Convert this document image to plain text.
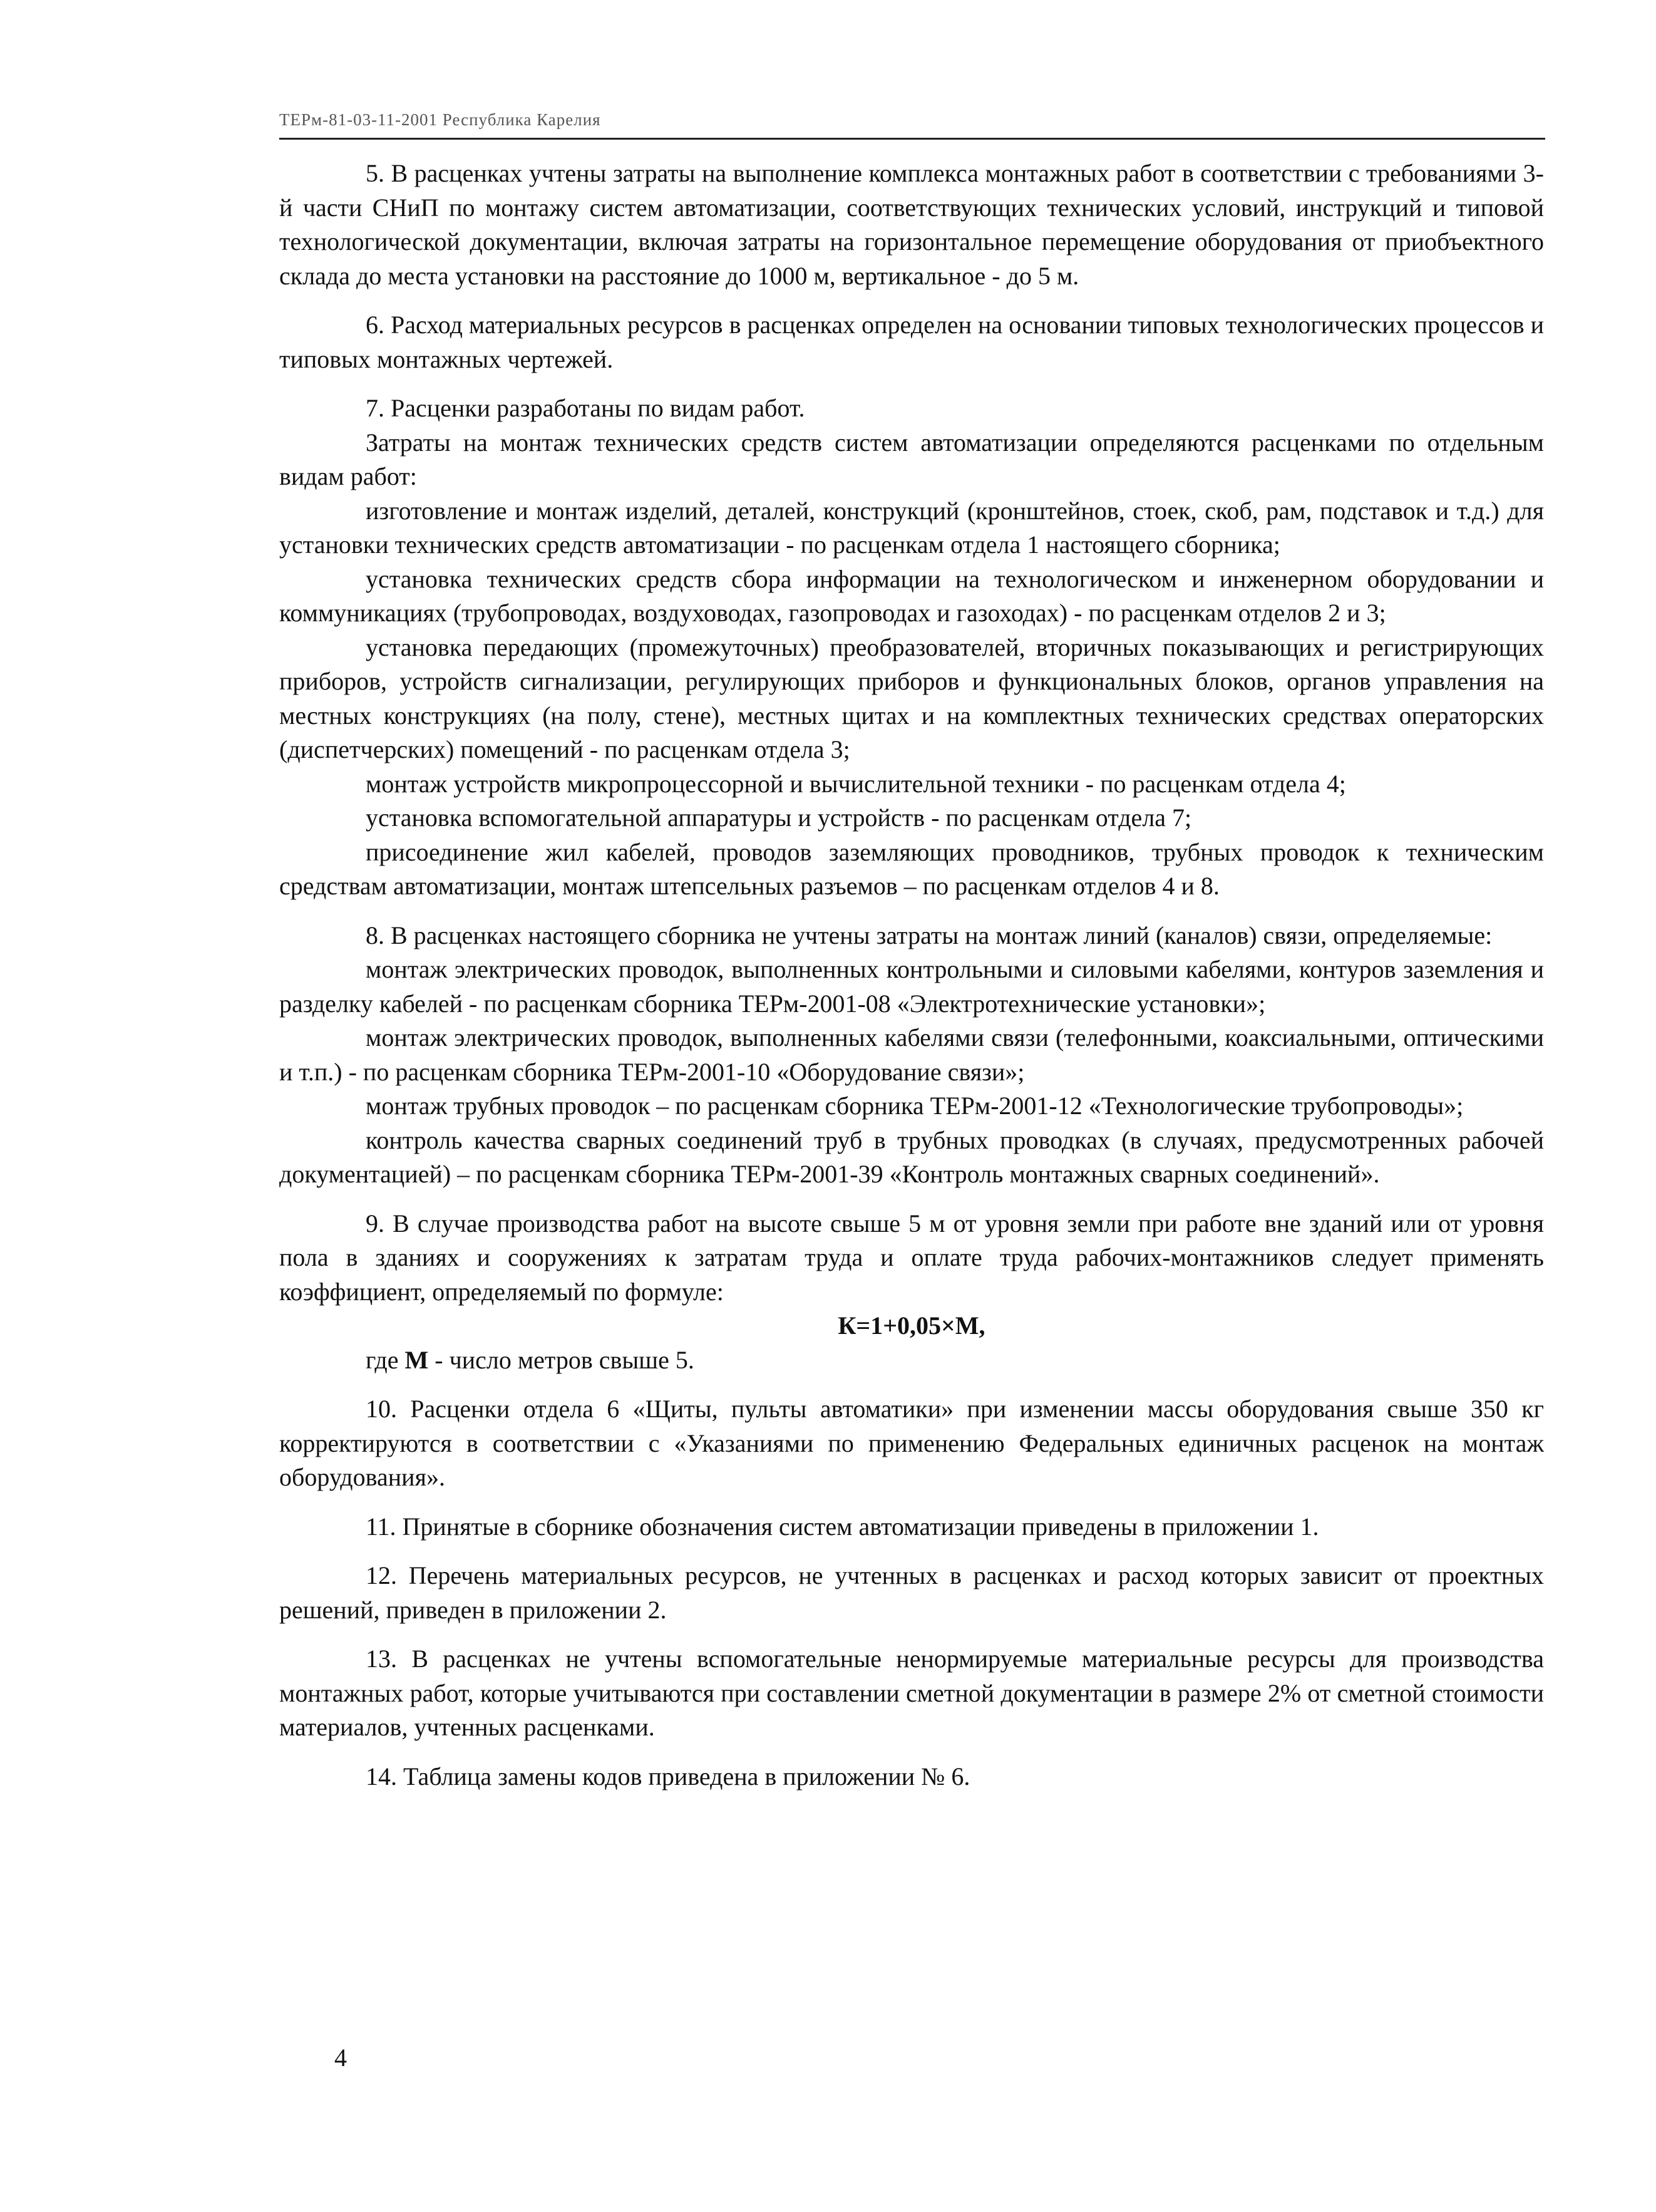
ТЕРм-81-03-11-2001 Республика Карелия

5. В расценках учтены затраты на выполнение комплекса монтажных работ в соответствии с требованиями 3-й части СНиП по монтажу систем автоматизации, соответствующих технических условий, инструкций и типовой технологической документации, включая затраты на горизонтальное перемещение оборудования от приобъектного склада до места установки на расстояние до 1000 м, вертикальное - до 5 м.

6. Расход материальных ресурсов в расценках определен на основании типовых технологических процессов и типовых монтажных чертежей.

7. Расценки разработаны по видам работ.

Затраты на монтаж технических средств систем автоматизации определяются расценками по отдельным видам работ:

изготовление и монтаж изделий, деталей, конструкций (кронштейнов, стоек, скоб, рам, подставок и т.д.) для установки технических средств автоматизации - по расценкам отдела 1 настоящего сборника;

установка технических средств сбора информации на технологическом и инженерном оборудовании и коммуникациях (трубопроводах, воздуховодах, газопроводах и газоходах) - по расценкам отделов 2 и 3;

установка передающих (промежуточных) преобразователей, вторичных показывающих и регистрирующих приборов, устройств сигнализации, регулирующих приборов и функциональных блоков, органов управления на местных конструкциях (на полу, стене), местных щитах и на комплектных технических средствах операторских (диспетчерских) помещений - по расценкам отдела 3;

монтаж устройств микропроцессорной и вычислительной техники - по расценкам отдела 4;

установка вспомогательной аппаратуры и устройств - по расценкам отдела 7;

присоединение жил кабелей, проводов заземляющих проводников, трубных проводок к техническим средствам автоматизации, монтаж штепсельных разъемов – по расценкам отделов 4 и 8.

8. В расценках настоящего сборника не учтены затраты на монтаж линий (каналов) связи, определяемые:

монтаж электрических проводок, выполненных контрольными и силовыми кабелями, контуров заземления и разделку кабелей - по расценкам сборника ТЕРм-2001-08 «Электротехнические установки»;

монтаж электрических проводок, выполненных кабелями связи (телефонными, коаксиальными, оптическими и т.п.) - по расценкам сборника ТЕРм-2001-10 «Оборудование связи»;

монтаж трубных проводок – по расценкам сборника ТЕРм-2001-12 «Технологические трубопроводы»;

контроль качества сварных соединений труб в трубных проводках (в случаях, предусмотренных рабочей документацией) – по расценкам сборника ТЕРм-2001-39 «Контроль монтажных сварных соединений».

9. В случае производства работ на высоте свыше 5 м от уровня земли при работе вне зданий или от уровня пола в зданиях и сооружениях к затратам труда и оплате труда рабочих-монтажников следует применять коэффициент, определяемый по формуле:

К=1+0,05×М,

где М - число метров свыше 5.

10. Расценки отдела 6 «Щиты, пульты автоматики» при изменении массы оборудования свыше 350 кг корректируются в соответствии с «Указаниями по применению Федеральных единичных расценок на монтаж оборудования».

11. Принятые в сборнике обозначения систем автоматизации приведены в приложении 1.

12. Перечень материальных ресурсов, не учтенных в расценках и расход которых зависит от проектных решений, приведен в приложении 2.

13. В расценках не учтены вспомогательные ненормируемые материальные ресурсы для производства монтажных работ, которые учитываются при составлении сметной документации в размере 2% от сметной стоимости материалов, учтенных расценками.

14. Таблица замены кодов приведена в приложении № 6.

4
